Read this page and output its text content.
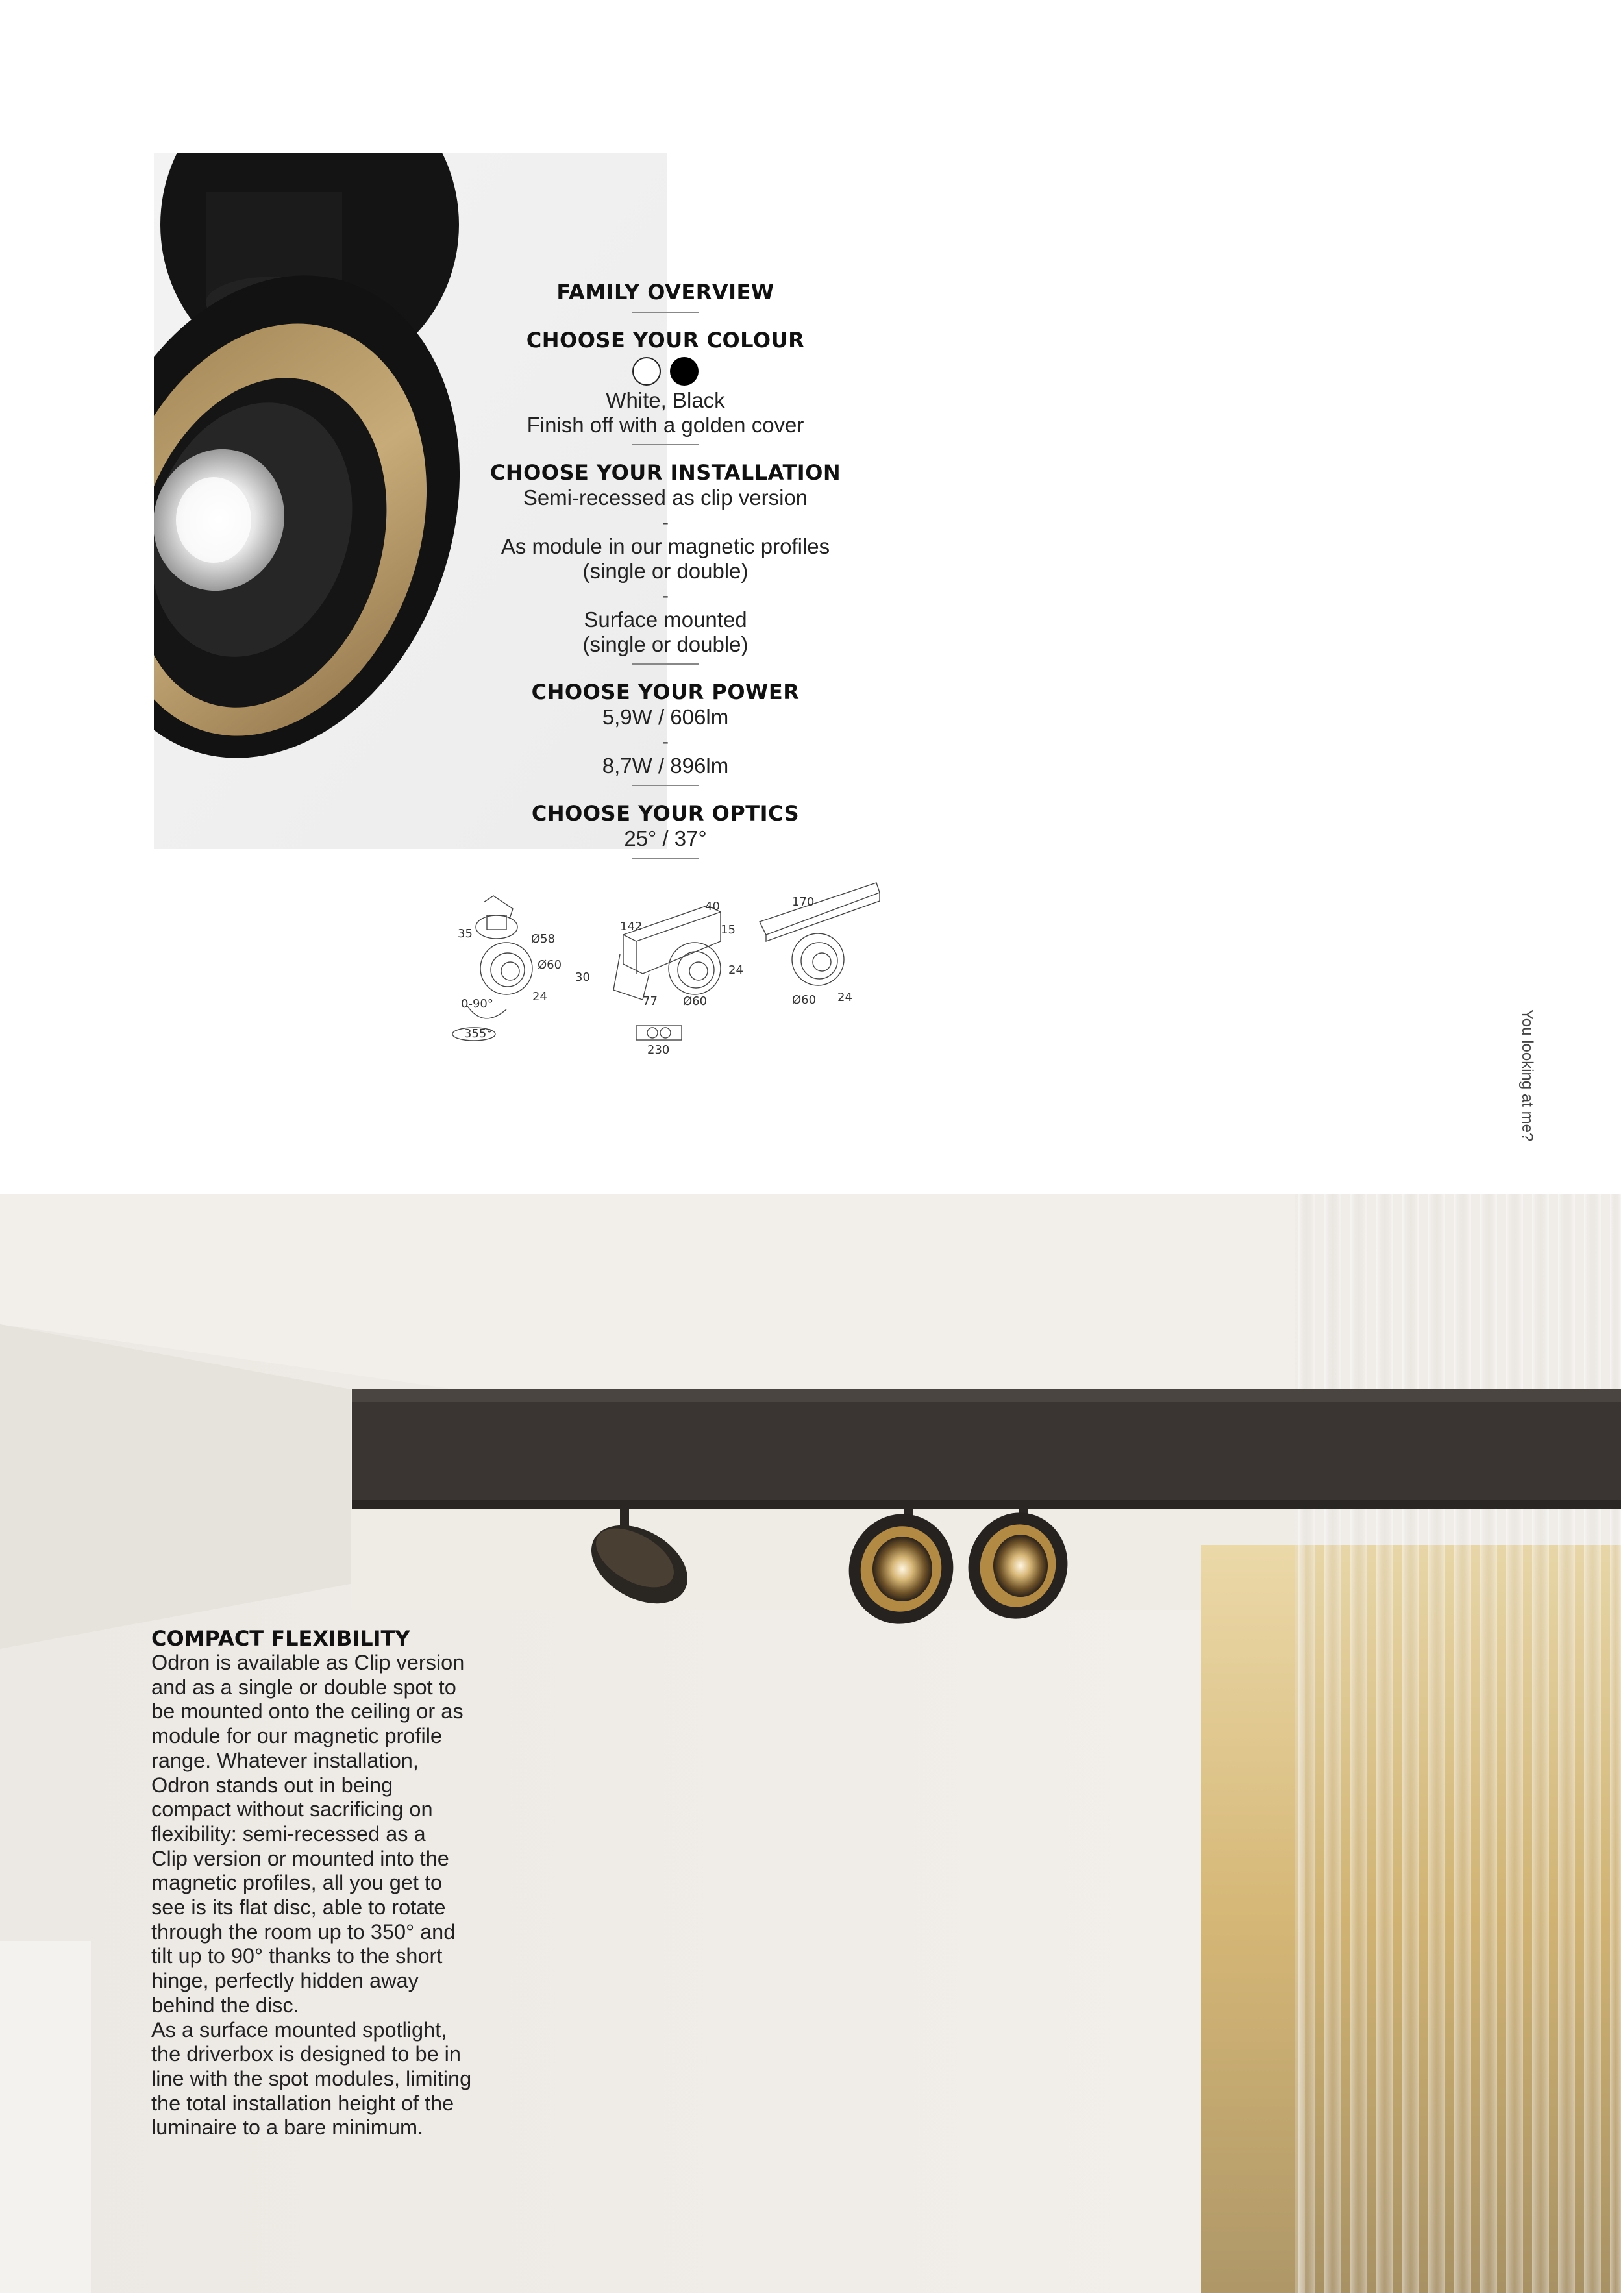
FAMILY OVERVIEW
CHOOSE YOUR COLOUR
White, Black
Finish off with a golden cover
CHOOSE YOUR INSTALLATION
Semi-recessed as clip version
-
As module in our magnetic profiles
(single or double)
-
Surface mounted
(single or double)
CHOOSE YOUR POWER
5,9W / 606lm
-
8,7W / 896lm
CHOOSE YOUR OPTICS
25° / 37°
35	Ø58
Ø60
24
0-90°
355°
40
142	15
30
24
77 Ø60
230
170
Ø60 24
You looking at me?
COMPACT FLEXIBILITY
Odron is available as Clip version
and as a single or double spot to
be mounted onto the ceiling or as
module for our magnetic profile
range. Whatever installation,
Odron stands out in being
compact without sacrificing on
flexibility: semi-recessed as a
Clip version or mounted into the
magnetic profiles, all you get to
see is its flat disc, able to rotate
through the room up to 350° and
tilt up to 90° thanks to the short
hinge, perfectly hidden away
behind the disc.
As a surface mounted spotlight,
the driverbox is designed to be in
line with the spot modules, limiting
the total installation height of the
luminaire to a bare minimum.
